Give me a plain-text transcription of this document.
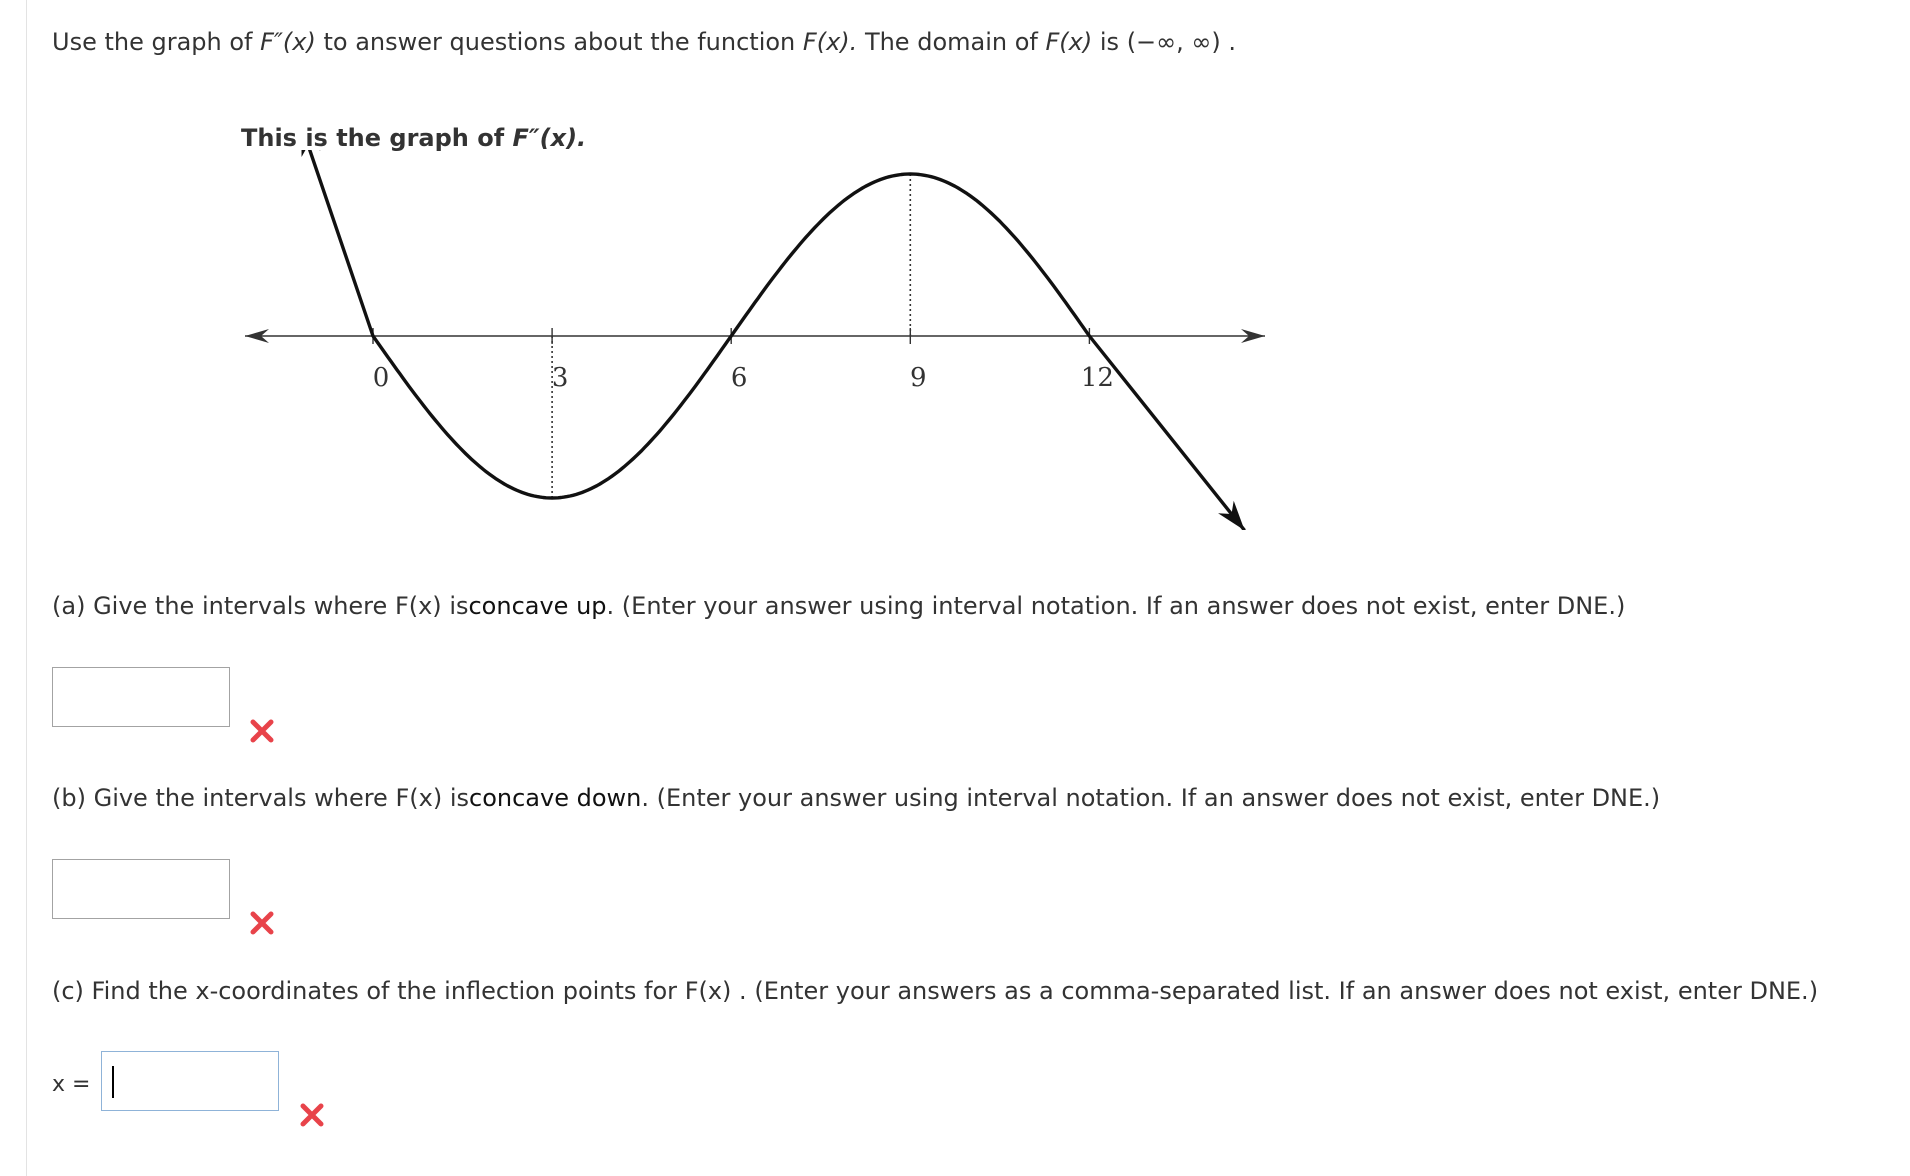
Use the graph of F″(x) to answer questions about the function F(x). The domain of F(x) is (−∞, ∞) .
This is the graph of F″(x).
0	3	6	9	12
(a) Give the intervals where F(x) isconcave up. (Enter your answer using interval notation. If an answer does not exist, enter DNE.)
(b) Give the intervals where F(x) isconcave down. (Enter your answer using interval notation. If an answer does not exist, enter DNE.)
(c) Find the x-coordinates of the inflection points for F(x) . (Enter your answers as a comma-separated list. If an answer does not exist, enter DNE.)
x =
